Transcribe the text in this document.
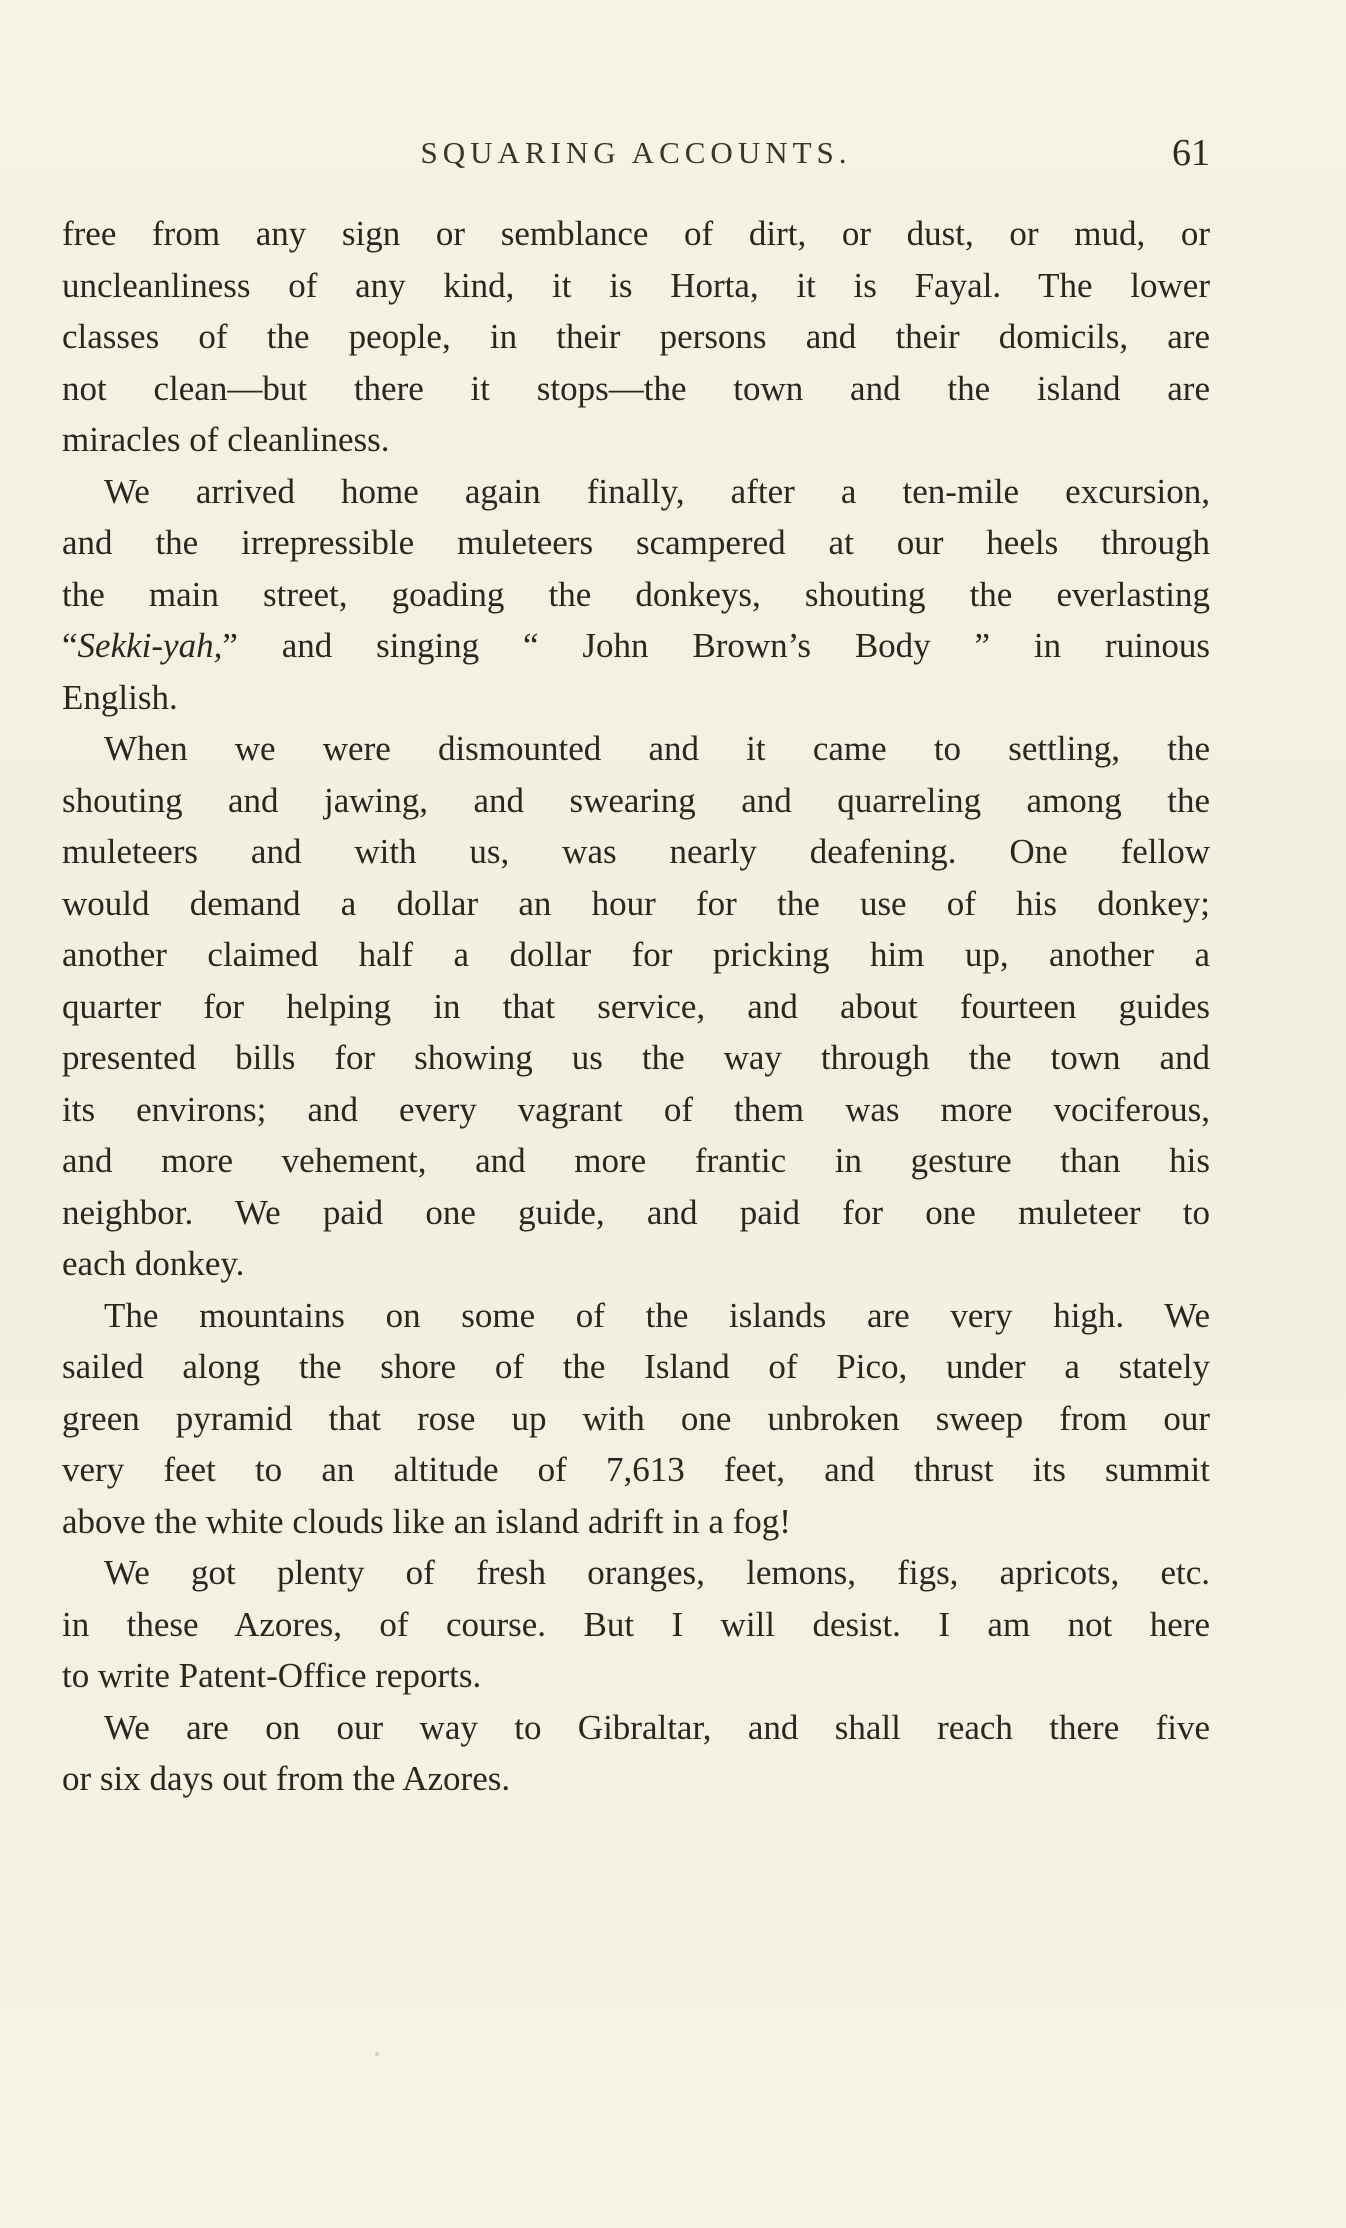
SQUARING ACCOUNTS.	61
free from any sign or semblance of dirt, or dust, or mud, or
uncleanliness of any kind, it is Horta, it is Fayal. The lower
classes of the people, in their persons and their domicils, are
not clean—but there it stops—the town and the island are
miracles of cleanliness.
We arrived home again finally, after a ten-mile excursion,
and the irrepressible muleteers scampered at our heels through
the main street, goading the donkeys, shouting the everlasting
“Sekki-yah,” and singing “ John Brown’s Body ” in ruinous
English.
When we were dismounted and it came to settling, the
shouting and jawing, and swearing and quarreling among the
muleteers and with us, was nearly deafening. One fellow
would demand a dollar an hour for the use of his donkey;
another claimed half a dollar for pricking him up, another a
quarter for helping in that service, and about fourteen guides
presented bills for showing us the way through the town and
its environs; and every vagrant of them was more vociferous,
and more vehement, and more frantic in gesture than his
neighbor. We paid one guide, and paid for one muleteer to
each donkey.
The mountains on some of the islands are very high. We
sailed along the shore of the Island of Pico, under a stately
green pyramid that rose up with one unbroken sweep from our
very feet to an altitude of 7,613 feet, and thrust its summit
above the white clouds like an island adrift in a fog!
We got plenty of fresh oranges, lemons, figs, apricots, etc.
in these Azores, of course. But I will desist. I am not here
to write Patent-Office reports.
We are on our way to Gibraltar, and shall reach there five
or six days out from the Azores.
